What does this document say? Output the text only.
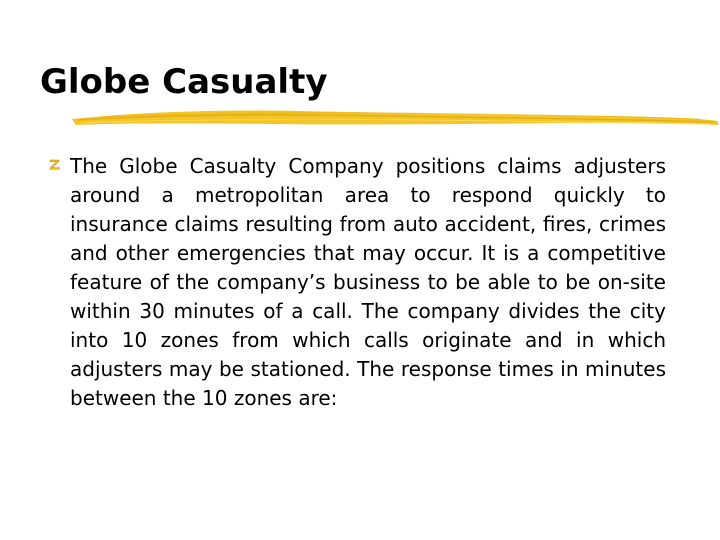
Globe Casualty

The Globe Casualty Company positions claims adjusters around a metropolitan area to respond quickly to insurance claims resulting from auto accident, fires, crimes and other emergencies that may occur. It is a competitive feature of the company’s business to be able to be on-site within 30 minutes of a call. The company divides the city into 10 zones from which calls originate and in which adjusters may be stationed. The response times in minutes between the 10 zones are:
